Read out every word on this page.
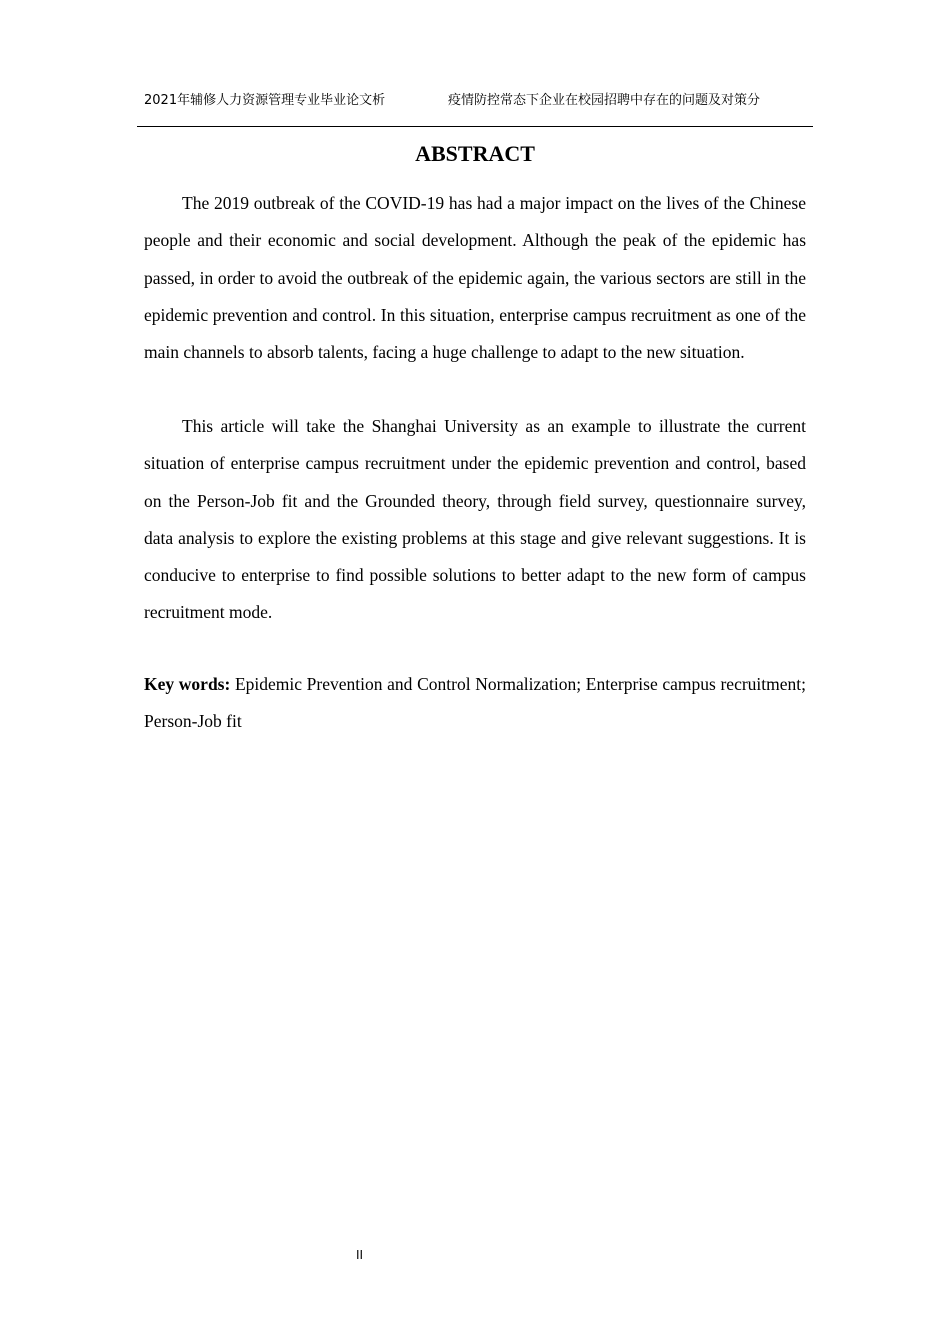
2021年辅修人力资源管理专业毕业论文析	疫情防控常态下企业在校园招聘中存在的问题及对策分
ABSTRACT

The 2019 outbreak of the COVID-19 has had a major impact on the lives of the Chinese people and their economic and social development. Although the peak of the epidemic has passed, in order to avoid the outbreak of the epidemic again, the various sectors are still in the epidemic prevention and control. In this situation, enterprise campus recruitment as one of the main channels to absorb talents, facing a huge challenge to adapt to the new situation.

This article will take the Shanghai University as an example to illustrate the current situation of enterprise campus recruitment under the epidemic prevention and control, based on the Person-Job fit and the Grounded theory, through field survey, questionnaire survey, data analysis to explore the existing problems at this stage and give relevant suggestions. It is conducive to enterprise to find possible solutions to better adapt to the new form of campus recruitment mode.

Key words: Epidemic Prevention and Control Normalization; Enterprise campus recruitment; Person-Job fit
II
